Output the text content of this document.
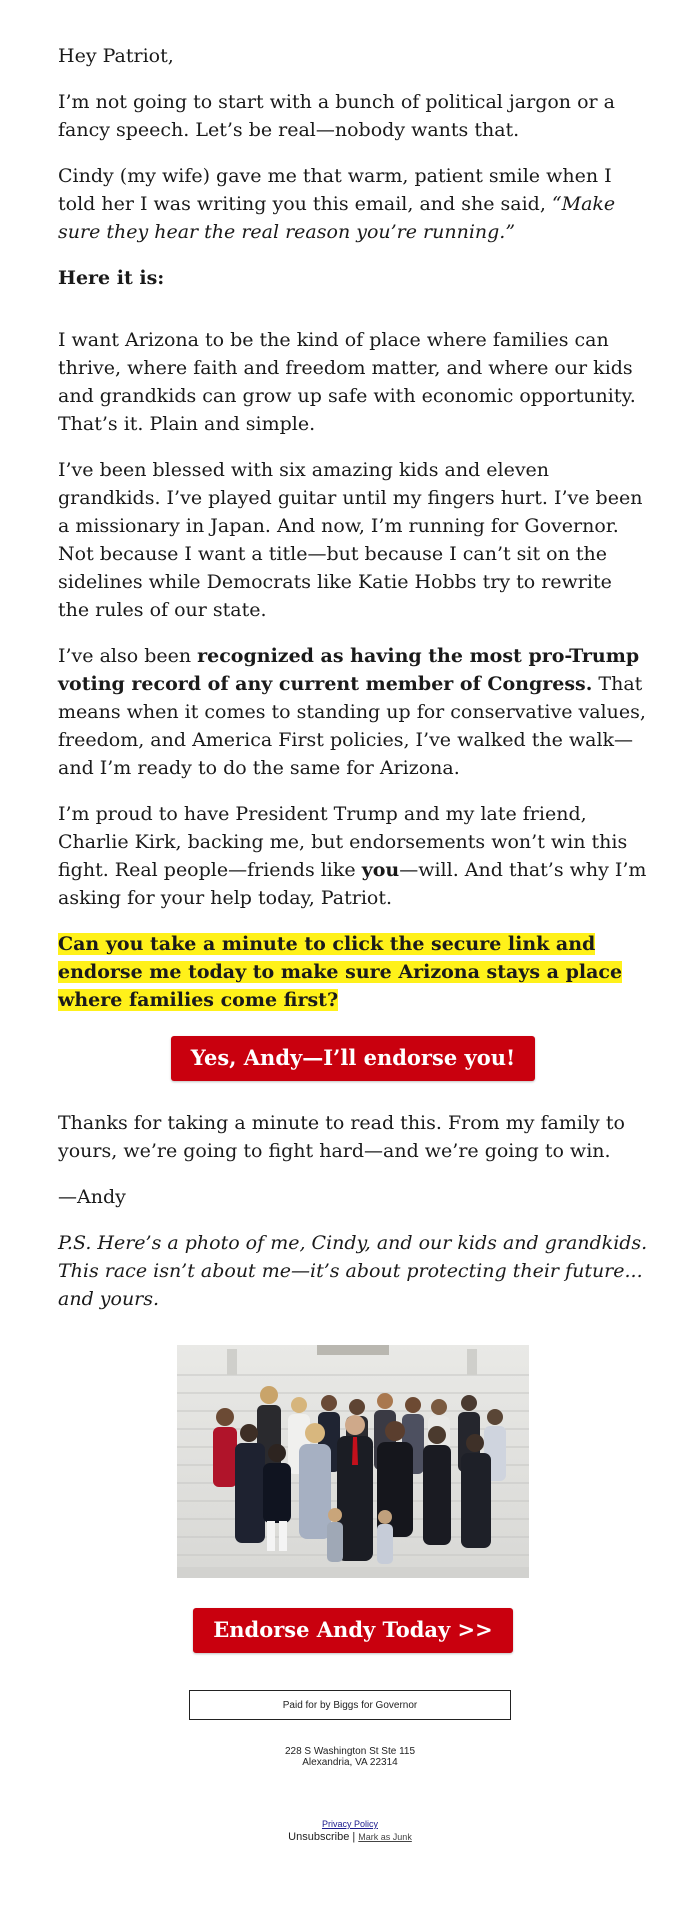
Hey Patriot,

I’m not going to start with a bunch of political jargon or a fancy speech. Let’s be real—nobody wants that.

Cindy (my wife) gave me that warm, patient smile when I told her I was writing you this email, and she said, “Make sure they hear the real reason you’re running.”

Here it is:

I want Arizona to be the kind of place where families can thrive, where faith and freedom matter, and where our kids and grandkids can grow up safe with economic opportunity. That’s it. Plain and simple.

I’ve been blessed with six amazing kids and eleven grandkids. I’ve played guitar until my fingers hurt. I’ve been a missionary in Japan. And now, I’m running for Governor. Not because I want a title—but because I can’t sit on the sidelines while Democrats like Katie Hobbs try to rewrite the rules of our state.

I’ve also been recognized as having the most pro-Trump voting record of any current member of Congress. That means when it comes to standing up for conservative values, freedom, and America First policies, I’ve walked the walk—and I’m ready to do the same for Arizona.

I’m proud to have President Trump and my late friend, Charlie Kirk, backing me, but endorsements won’t win this fight. Real people—friends like you—will. And that’s why I’m asking for your help today, Patriot.

Can you take a minute to click the secure link and endorse me today to make sure Arizona stays a place where families come first?

Yes, Andy—I’ll endorse you!

Thanks for taking a minute to read this. From my family to yours, we’re going to fight hard—and we’re going to win.

—Andy

P.S. Here’s a photo of me, Cindy, and our kids and grandkids. This race isn’t about me—it’s about protecting their future... and yours.

Endorse Andy Today >>
Paid for by Biggs for Governor
228 S Washington St Ste 115
Alexandria, VA 22314
Privacy Policy
Unsubscribe | Mark as Junk
